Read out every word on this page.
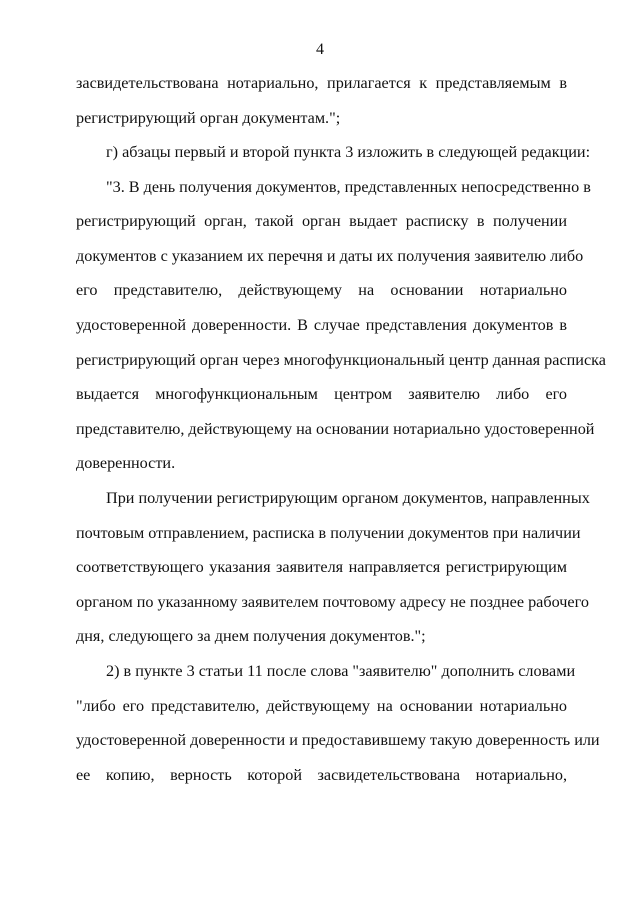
4
засвидетельствована нотариально, прилагается к представляемым в
регистрирующий орган документам.";
г) абзацы первый и второй пункта 3 изложить в следующей редакции:
"3. В день получения документов, представленных непосредственно в
регистрирующий орган, такой орган выдает расписку в получении
документов с указанием их перечня и даты их получения заявителю либо
его представителю, действующему на основании нотариально
удостоверенной доверенности. В случае представления документов в
регистрирующий орган через многофункциональный центр данная расписка
выдается многофункциональным центром заявителю либо его
представителю, действующему на основании нотариально удостоверенной
доверенности.
При получении регистрирующим органом документов, направленных
почтовым отправлением, расписка в получении документов при наличии
соответствующего указания заявителя направляется регистрирующим
органом по указанному заявителем почтовому адресу не позднее рабочего
дня, следующего за днем получения документов.";
2) в пункте 3 статьи 11 после слова "заявителю" дополнить словами
"либо его представителю, действующему на основании нотариально
удостоверенной доверенности и предоставившему такую доверенность или
ее копию, верность которой засвидетельствована нотариально,
